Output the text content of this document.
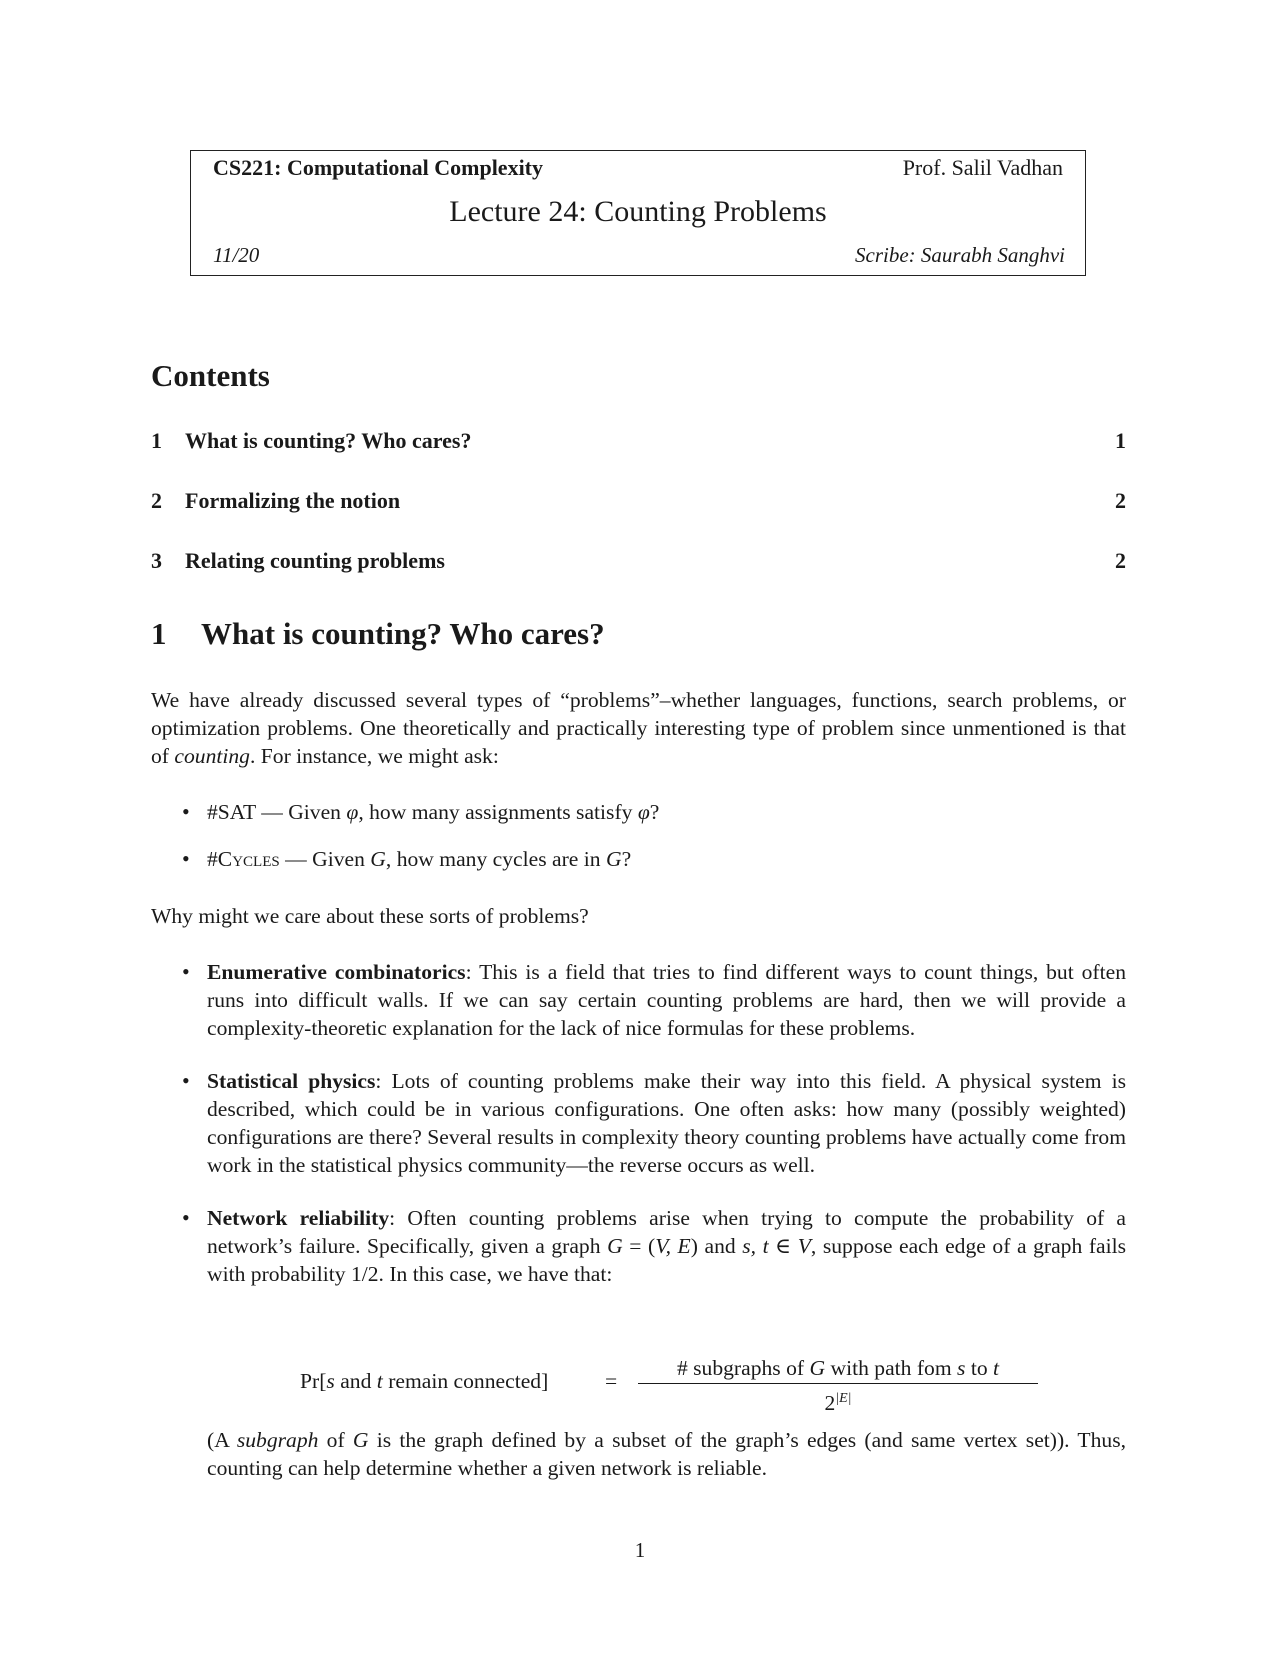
CS221: Computational Complexity	Prof. Salil Vadhan
Lecture 24: Counting Problems
11/20	Scribe: Saurabh Sanghvi
Contents
1 What is counting? Who cares?	1
2 Formalizing the notion	2
3 Relating counting problems	2
1 What is counting? Who cares?
We have already discussed several types of “problems”–whether languages, functions, search problems, or optimization problems. One theoretically and practically interesting type of problem since unmentioned is that of counting. For instance, we might ask:
• #SAT — Given φ, how many assignments satisfy φ?
• #Cycles — Given G, how many cycles are in G?
Why might we care about these sorts of problems?
• Enumerative combinatorics: This is a field that tries to find different ways to count things, but often runs into difficult walls. If we can say certain counting problems are hard, then we will provide a complexity-theoretic explanation for the lack of nice formulas for these problems.
• Statistical physics: Lots of counting problems make their way into this field. A physical system is described, which could be in various configurations. One often asks: how many (possibly weighted) configurations are there? Several results in complexity theory counting problems have actually come from work in the statistical physics community—the reverse occurs as well.
• Network reliability: Often counting problems arise when trying to compute the probability of a network’s failure. Specifically, given a graph G = (V, E) and s, t ∈ V, suppose each edge of a graph fails with probability 1/2. In this case, we have that:
Pr[s and t remain connected]	=
# subgraphs of G with path fom s to t
$2^{|E|}$
(A subgraph of G is the graph defined by a subset of the graph’s edges (and same vertex set)). Thus, counting can help determine whether a given network is reliable.
1
